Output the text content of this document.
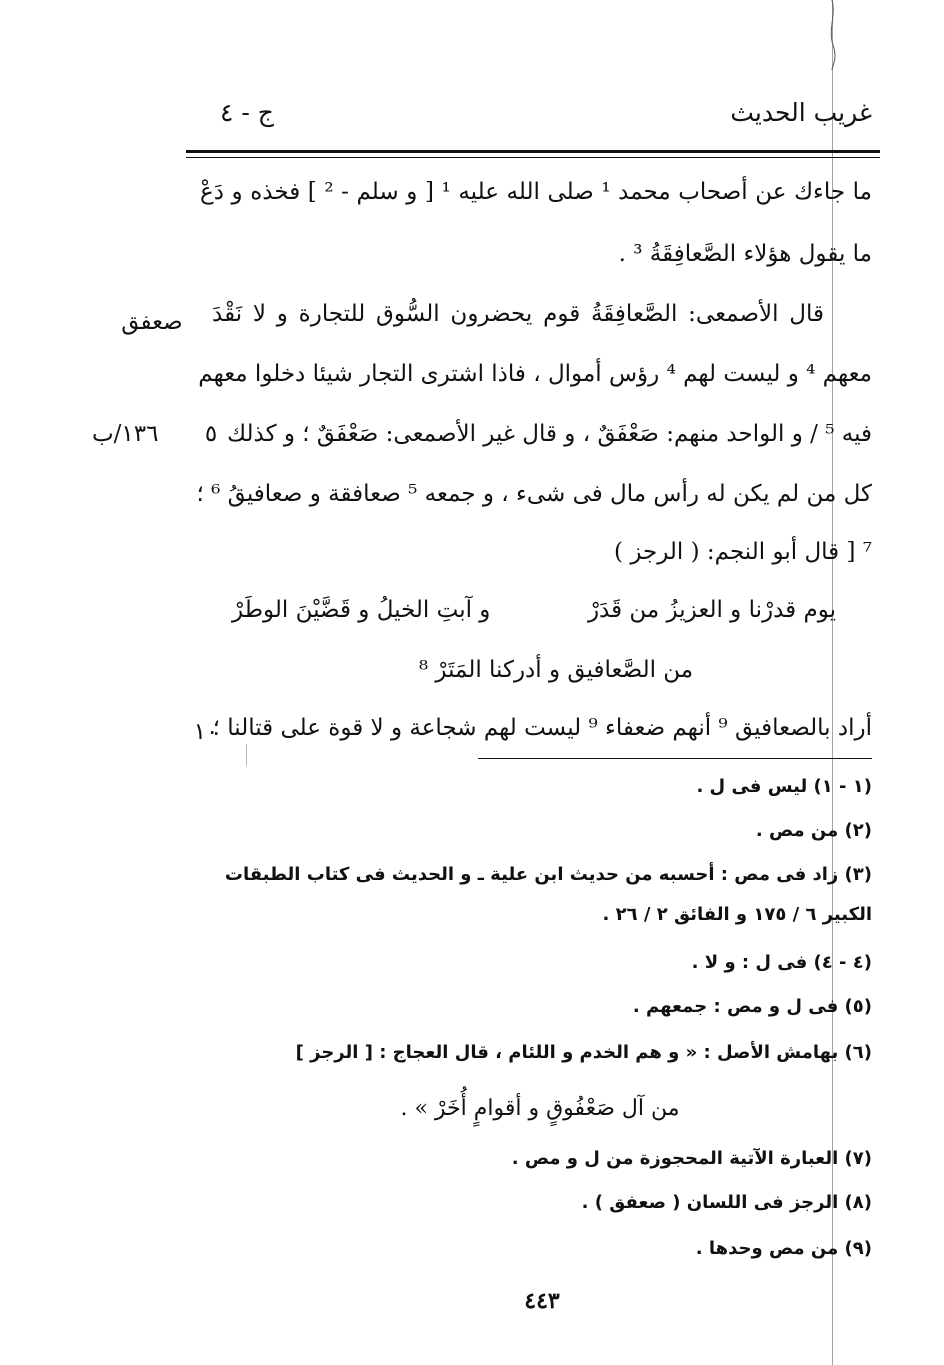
غريب الحديث
ج - ٤
ما جاءك عن أصحاب محمد ¹ صلى الله عليه ¹ [ و سلم - ² ] فخذه و دَعْ
ما يقول هؤلاء الصَّعافِقَةُ ³ .
قال الأصمعى: الصَّعافِقَةُ قوم يحضرون السُّوق للتجارة و لا نَقْدَ
معهم ⁴ و ليست لهم ⁴ رؤس أموال ، فاذا اشترى التجار شيئا دخلوا معهم
فيه ⁵ / و الواحد منهم: صَعْفَقٌ ، و قال غير الأصمعى: صَعْفَقٌ ؛ و كذلك
كل من لم يكن له رأس مال فى شىء ، و جمعه ⁵ صعافقة و صعافيقُ ⁶ ؛
⁷ [ قال أبو النجم: ( الرجز )
يوم قدرْنا و العزيزُ من قَدَرْ
و آبتِ الخيلُ و قَضَّيْنَ الوطَرْ
من الصَّعافيق و أدركنا المَتَرْ ⁸
أراد بالصعافيق ⁹ أنهم ضعفاء ⁹ ليست لهم شجاعة و لا قوة على قتالنا ؛
صعفق
٥
١٣٦/ب
١٠
(١ - ١) ليس فى ل .
(٢) من مص .
(٣) زاد فى مص : أحسبه من حديث ابن علية ـ و الحديث فى كتاب الطبقات
الكبير ٦ / ١٧٥ و الفائق ٢ / ٢٦ .
(٤ - ٤) فى ل : و لا .
(٥) فى ل و مص : جمعهم .
(٦) بهامش الأصل : « و هم الخدم و اللئام ، قال العجاج : [ الرجز ]
من آل صَعْفُوقٍ و أقوامٍ أُخَرْ » .
(٧) العبارة الآتية المحجوزة من ل و مص .
(٨) الرجز فى اللسان ( صعفق ) .
(٩) من مص وحدها .
٤٤٣
